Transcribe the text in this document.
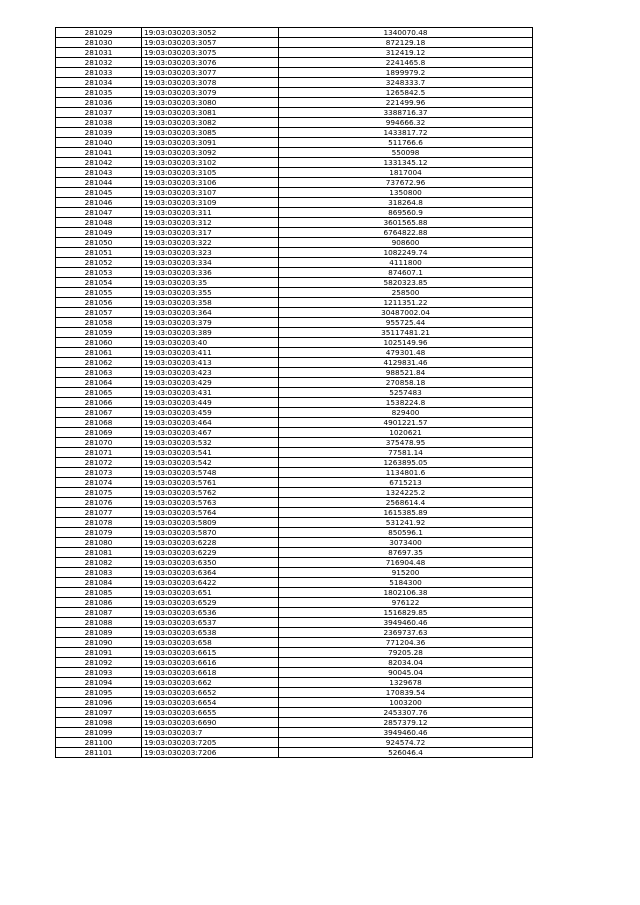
281029	19:03:030203:3052	1340070.48
281030	19:03:030203:3057	872129.18
281031	19:03:030203:3075	312419.12
281032	19:03:030203:3076	2241465.8
281033	19:03:030203:3077	1899979.2
281034	19:03:030203:3078	3248333.7
281035	19:03:030203:3079	1265842.5
281036	19:03:030203:3080	221499.96
281037	19:03:030203:3081	3388716.37
281038	19:03:030203:3082	994666.32
281039	19:03:030203:3085	1433817.72
281040	19:03:030203:3091	511766.6
281041	19:03:030203:3092	550098
281042	19:03:030203:3102	1331345.12
281043	19:03:030203:3105	1817004
281044	19:03:030203:3106	737672.96
281045	19:03:030203:3107	1350800
281046	19:03:030203:3109	318264.8
281047	19:03:030203:311	869560.9
281048	19:03:030203:312	3601565.88
281049	19:03:030203:317	6764822.88
281050	19:03:030203:322	908600
281051	19:03:030203:323	1082249.74
281052	19:03:030203:334	4111800
281053	19:03:030203:336	874607.1
281054	19:03:030203:35	5820323.85
281055	19:03:030203:355	258500
281056	19:03:030203:358	1211351.22
281057	19:03:030203:364	30487002.04
281058	19:03:030203:379	955725.44
281059	19:03:030203:389	35117481.21
281060	19:03:030203:40	1025149.96
281061	19:03:030203:411	479301.48
281062	19:03:030203:413	4129831.46
281063	19:03:030203:423	988521.84
281064	19:03:030203:429	270858.18
281065	19:03:030203:431	5257483
281066	19:03:030203:449	1538224.8
281067	19:03:030203:459	829400
281068	19:03:030203:464	4901221.57
281069	19:03:030203:467	1020621
281070	19:03:030203:532	375478.95
281071	19:03:030203:541	77581.14
281072	19:03:030203:542	1263895.05
281073	19:03:030203:5748	1134801.6
281074	19:03:030203:5761	6715213
281075	19:03:030203:5762	1324225.2
281076	19:03:030203:5763	2568614.4
281077	19:03:030203:5764	1615385.89
281078	19:03:030203:5809	531241.92
281079	19:03:030203:5870	850596.1
281080	19:03:030203:6228	3073400
281081	19:03:030203:6229	87697.35
281082	19:03:030203:6350	716904.48
281083	19:03:030203:6364	915200
281084	19:03:030203:6422	5184300
281085	19:03:030203:651	1802106.38
281086	19:03:030203:6529	976122
281087	19:03:030203:6536	1516829.85
281088	19:03:030203:6537	3949460.46
281089	19:03:030203:6538	2369737.63
281090	19:03:030203:658	771204.36
281091	19:03:030203:6615	79205.28
281092	19:03:030203:6616	82034.04
281093	19:03:030203:6618	90045.04
281094	19:03:030203:662	1329678
281095	19:03:030203:6652	170839.54
281096	19:03:030203:6654	1003200
281097	19:03:030203:6655	2453307.76
281098	19:03:030203:6690	2857379.12
281099	19:03:030203:7	3949460.46
281100	19:03:030203:7205	924574.72
281101	19:03:030203:7206	526046.4
